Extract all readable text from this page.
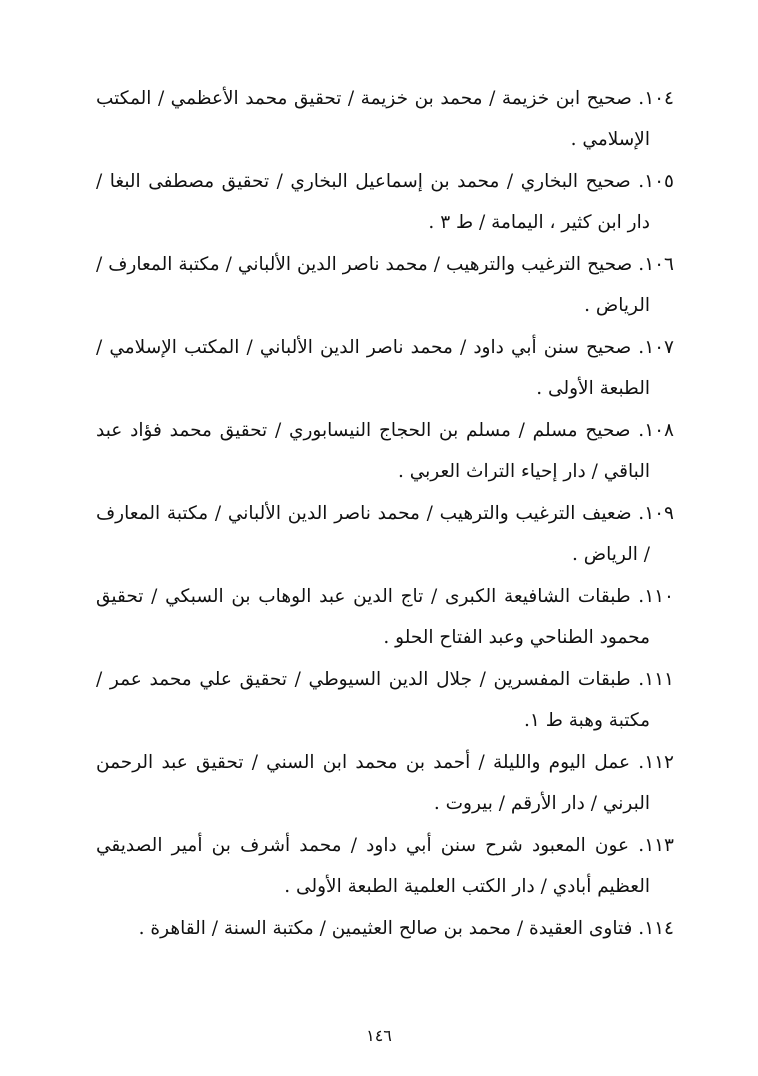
١٠٤. صحيح ابن خزيمة / محمد بن خزيمة / تحقيق محمد الأعظمي / المكتب الإسلامي .

١٠٥. صحيح البخاري / محمد بن إسماعيل البخاري / تحقيق مصطفى البغا / دار ابن كثير ، اليمامة / ط ٣ .

١٠٦. صحيح الترغيب والترهيب / محمد ناصر الدين الألباني / مكتبة المعارف / الرياض .

١٠٧. صحيح سنن أبي داود / محمد ناصر الدين الألباني / المكتب الإسلامي / الطبعة الأولى .

١٠٨. صحيح مسلم / مسلم بن الحجاج النيسابوري / تحقيق محمد فؤاد عبد الباقي / دار إحياء التراث العربي .

١٠٩. ضعيف الترغيب والترهيب / محمد ناصر الدين الألباني / مكتبة المعارف / الرياض .

١١٠. طبقات الشافيعة الكبرى / تاج الدين عبد الوهاب بن السبكي / تحقيق محمود الطناحي وعبد الفتاح الحلو .

١١١. طبقات المفسرين / جلال الدين السيوطي / تحقيق علي محمد عمر / مكتبة وهبة ط ١.

١١٢. عمل اليوم والليلة / أحمد بن محمد ابن السني / تحقيق عبد الرحمن البرني / دار الأرقم / بيروت .

١١٣. عون المعبود شرح سنن أبي داود / محمد أشرف بن أمير الصديقي العظيم أبادي / دار الكتب العلمية الطبعة الأولى .

١١٤. فتاوى العقيدة / محمد بن صالح العثيمين / مكتبة السنة / القاهرة .

١٤٦
